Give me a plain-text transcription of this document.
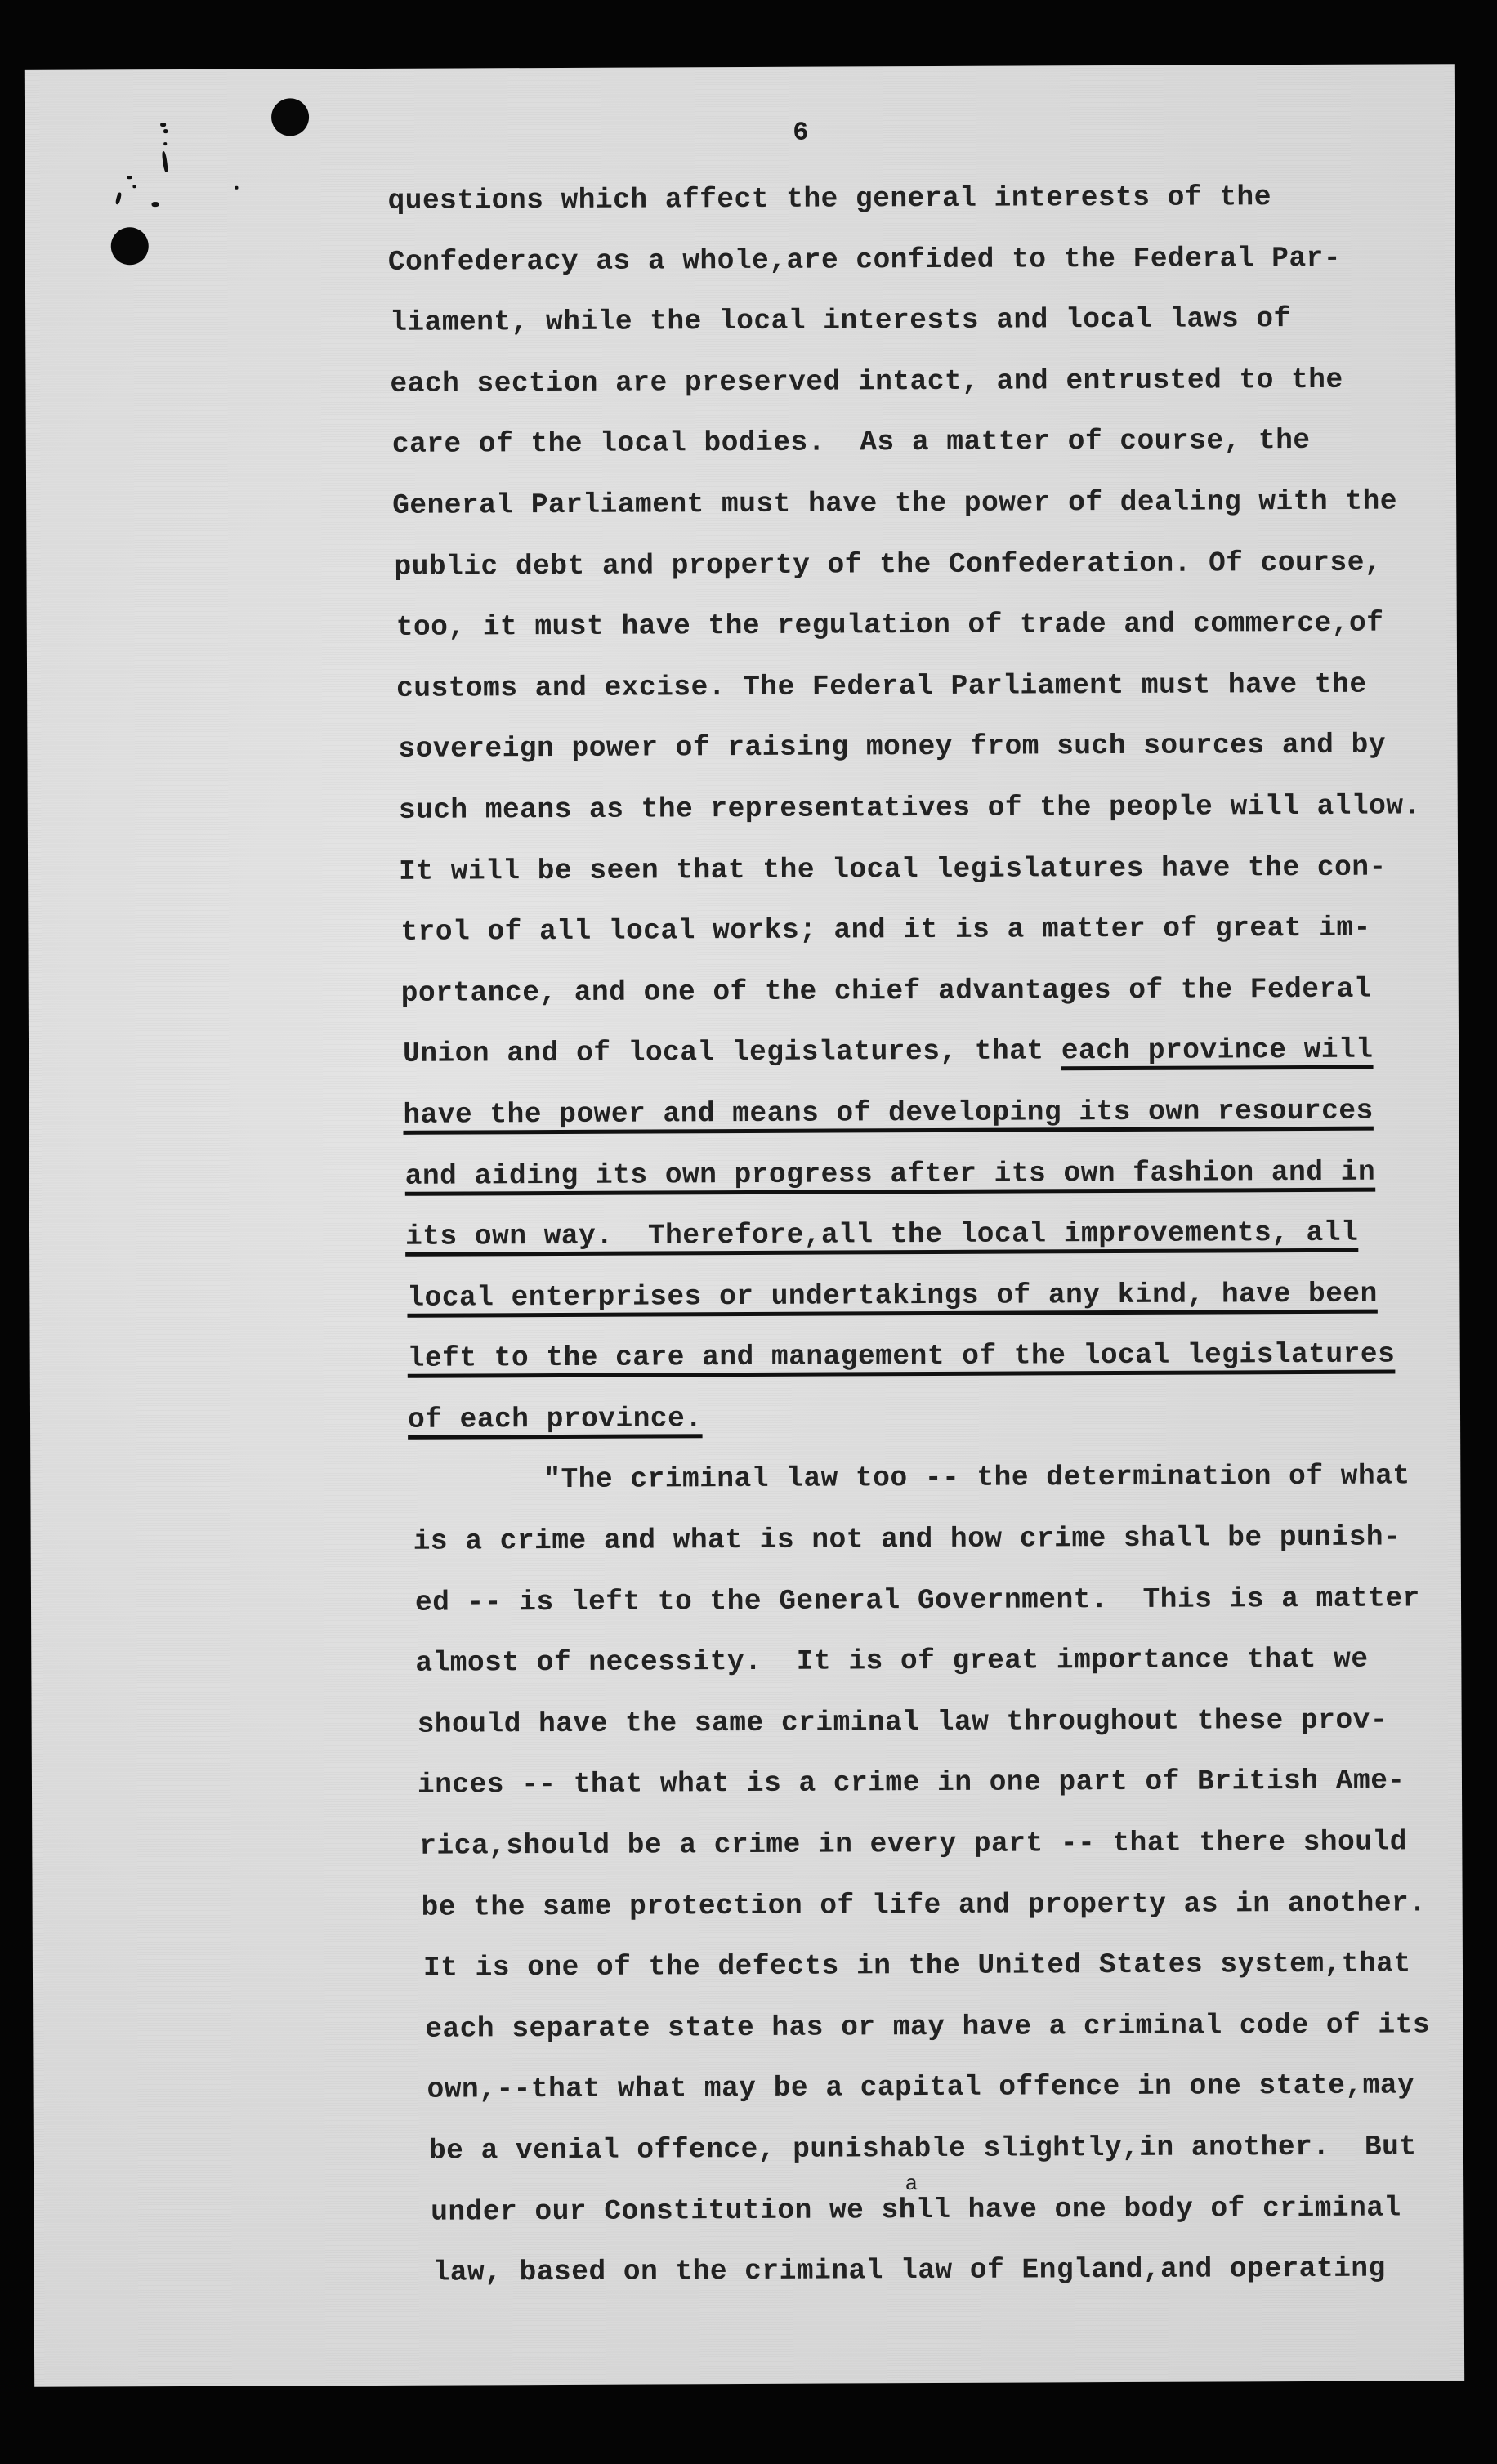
6
questions which affect the general interests of the
Confederacy as a whole,are confided to the Federal Par-
liament, while the local interests and local laws of
each section are preserved intact, and entrusted to the
care of the local bodies.  As a matter of course, the
General Parliament must have the power of dealing with the
public debt and property of the Confederation. Of course,
too, it must have the regulation of trade and commerce,of
customs and excise. The Federal Parliament must have the
sovereign power of raising money from such sources and by
such means as the representatives of the people will allow.
It will be seen that the local legislatures have the con-
trol of all local works; and it is a matter of great im-
portance, and one of the chief advantages of the Federal
Union and of local legislatures, that each province will
have the power and means of developing its own resources
and aiding its own progress after its own fashion and in
its own way.  Therefore,all the local improvements, all
local enterprises or undertakings of any kind, have been
left to the care and management of the local legislatures
of each province.
"The criminal law too -- the determination of what
is a crime and what is not and how crime shall be punish-
ed -- is left to the General Government.  This is a matter
almost of necessity.  It is of great importance that we
should have the same criminal law throughout these prov-
inces -- that what is a crime in one part of British Ame-
rica,should be a crime in every part -- that there should
be the same protection of life and property as in another.
It is one of the defects in the United States system,that
each separate state has or may have a criminal code of its
own,--that what may be a capital offence in one state,may
be a venial offence, punishable slightly,in another.  But
under our Constitution we shll
a
have one body of criminal
law, based on the criminal law of England,and operating
